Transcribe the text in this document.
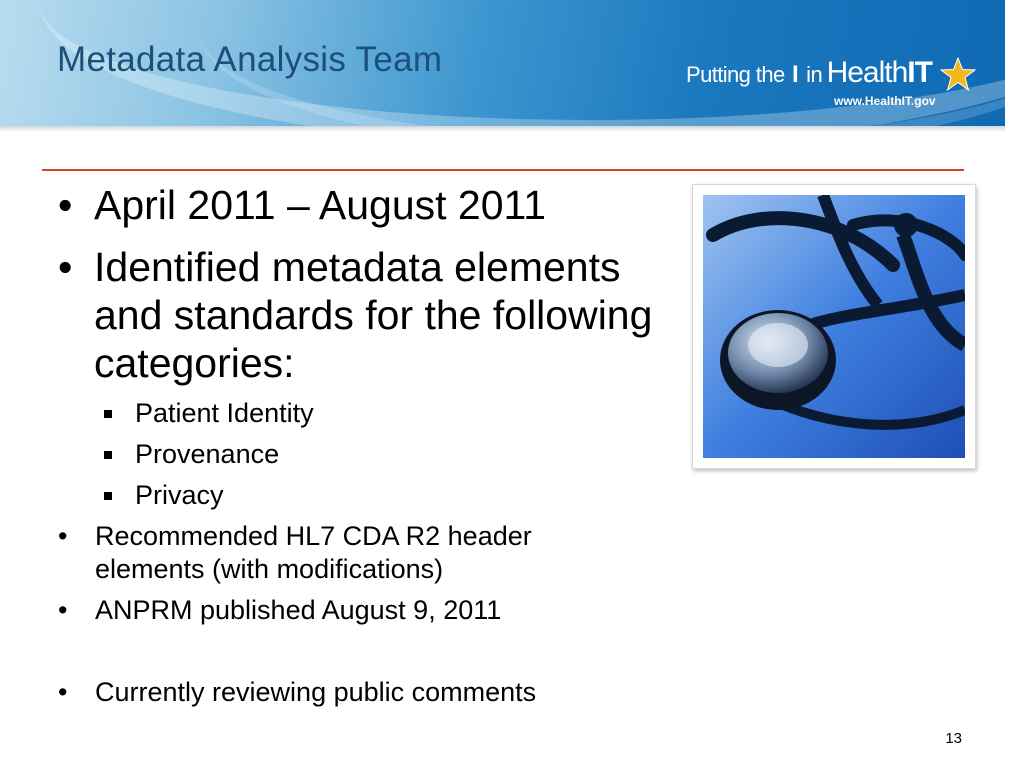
Metadata Analysis Team	Putting the I in HealthIT
www.HealthIT.gov
• April 2011 – August 2011
• Identified metadata elements
and standards for the following
categories:
Patient Identity
Provenance
Privacy
• Recommended HL7 CDA R2 header
elements (with modifications)
• ANPRM published August 9, 2011
• Currently reviewing public comments
13
